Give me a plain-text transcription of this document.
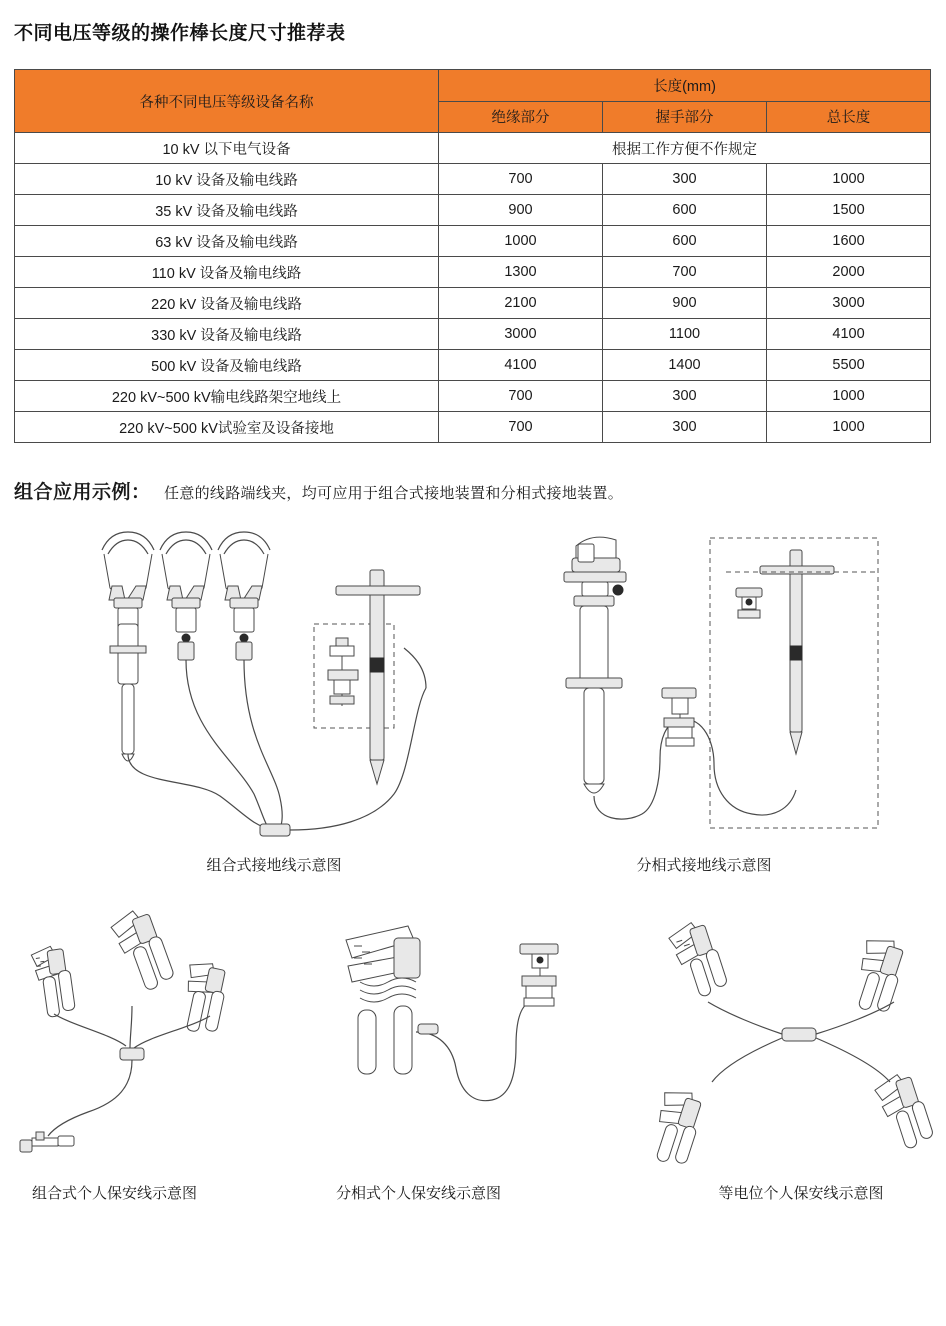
不同电压等级的操作棒长度尺寸推荐表
各种不同电压等级设备名称	长度(mm)		
	绝缘部分	握手部分	总长度
10 kV 以下电气设备	根据工作方便不作规定		
10 kV 设备及输电线路	700	300	1000
35 kV 设备及输电线路	900	600	1500
63 kV 设备及输电线路	1000	600	1600
110 kV 设备及输电线路	1300	700	2000
220 kV 设备及输电线路	2100	900	3000
330 kV 设备及输电线路	3000	1100	4100
500 kV 设备及输电线路	4100	1400	5500
220 kV~500 kV输电线路架空地线上	700	300	1000
220 kV~500 kV试验室及设备接地	700	300	1000
组合应用示例 ： 任意的线路端线夹，均可应用于组合式接地装置和分相式接地装置。
组合式接地线示意图	分相式接地线示意图
组合式个人保安线示意图	分相式个人保安线示意图	等电位个人保安线示意图
